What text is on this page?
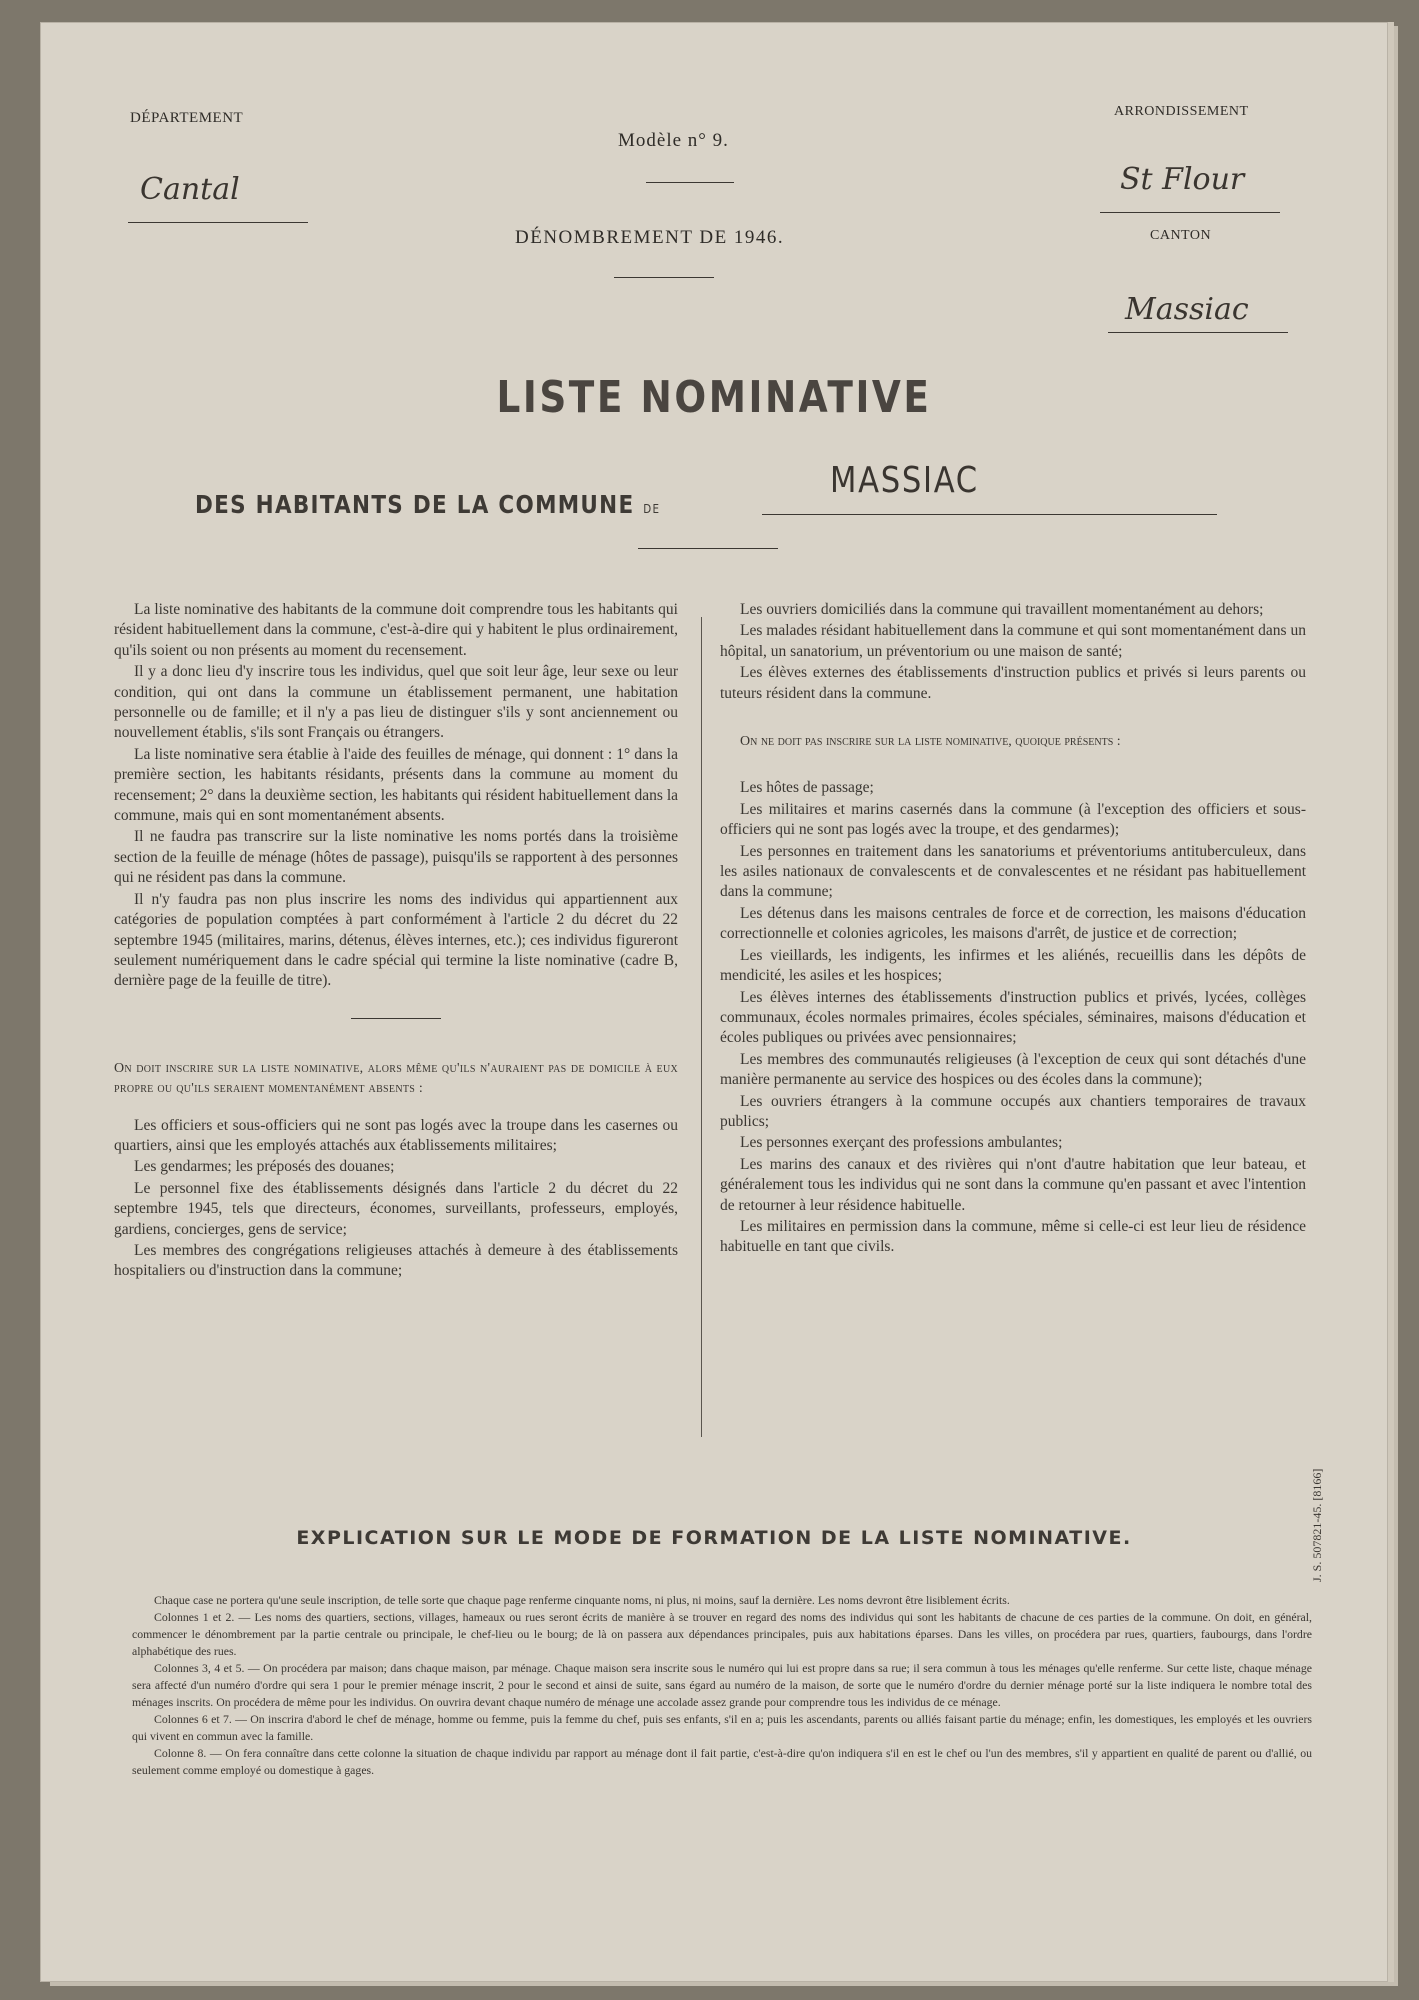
DÉPARTEMENT
Cantal
Modèle n° 9.
ARRONDISSEMENT
St Flour
DÉNOMBREMENT DE 1946.	CANTON
Massiac
LISTE NOMINATIVE
DES HABITANTS DE LA COMMUNE de
MASSIAC

La liste nominative des habitants de la commune doit comprendre tous les habitants qui résident habituellement dans la commune, c'est-à-dire qui y habitent le plus ordinairement, qu'ils soient ou non présents au moment du recensement.

Il y a donc lieu d'y inscrire tous les individus, quel que soit leur âge, leur sexe ou leur condition, qui ont dans la commune un établissement permanent, une habitation personnelle ou de famille; et il n'y a pas lieu de distinguer s'ils y sont anciennement ou nouvellement établis, s'ils sont Français ou étrangers.

La liste nominative sera établie à l'aide des feuilles de ménage, qui donnent : 1° dans la première section, les habitants résidants, présents dans la commune au moment du recensement; 2° dans la deuxième section, les habitants qui résident habituellement dans la commune, mais qui en sont momentanément absents.

Il ne faudra pas transcrire sur la liste nominative les noms portés dans la troisième section de la feuille de ménage (hôtes de passage), puisqu'ils se rapportent à des personnes qui ne résident pas dans la commune.

Il n'y faudra pas non plus inscrire les noms des individus qui appartiennent aux catégories de population comptées à part conformément à l'article 2 du décret du 22 septembre 1945 (militaires, marins, détenus, élèves internes, etc.); ces individus figureront seulement numériquement dans le cadre spécial qui termine la liste nominative (cadre B, dernière page de la feuille de titre).

On doit inscrire sur la liste nominative, alors même qu'ils n'auraient pas de domicile à eux propre ou qu'ils seraient momentanément absents :

Les officiers et sous-officiers qui ne sont pas logés avec la troupe dans les casernes ou quartiers, ainsi que les employés attachés aux établissements militaires;

Les gendarmes; les préposés des douanes;

Le personnel fixe des établissements désignés dans l'article 2 du décret du 22 septembre 1945, tels que directeurs, économes, surveillants, professeurs, employés, gardiens, concierges, gens de service;

Les membres des congrégations religieuses attachés à demeure à des établissements hospitaliers ou d'instruction dans la commune;

Les ouvriers domiciliés dans la commune qui travaillent momentanément au dehors;

Les malades résidant habituellement dans la commune et qui sont momentanément dans un hôpital, un sanatorium, un préventorium ou une maison de santé;

Les élèves externes des établissements d'instruction publics et privés si leurs parents ou tuteurs résident dans la commune.

On ne doit pas inscrire sur la liste nominative, quoique présents :

Les hôtes de passage;

Les militaires et marins casernés dans la commune (à l'exception des officiers et sous-officiers qui ne sont pas logés avec la troupe, et des gendarmes);

Les personnes en traitement dans les sanatoriums et préventoriums antituberculeux, dans les asiles nationaux de convalescents et de convalescentes et ne résidant pas habituellement dans la commune;

Les détenus dans les maisons centrales de force et de correction, les maisons d'éducation correctionnelle et colonies agricoles, les maisons d'arrêt, de justice et de correction;

Les vieillards, les indigents, les infirmes et les aliénés, recueillis dans les dépôts de mendicité, les asiles et les hospices;

Les élèves internes des établissements d'instruction publics et privés, lycées, collèges communaux, écoles normales primaires, écoles spéciales, séminaires, maisons d'éducation et écoles publiques ou privées avec pensionnaires;

Les membres des communautés religieuses (à l'exception de ceux qui sont détachés d'une manière permanente au service des hospices ou des écoles dans la commune);

Les ouvriers étrangers à la commune occupés aux chantiers temporaires de travaux publics;

Les personnes exerçant des professions ambulantes;

Les marins des canaux et des rivières qui n'ont d'autre habitation que leur bateau, et généralement tous les individus qui ne sont dans la commune qu'en passant et avec l'intention de retourner à leur résidence habituelle.

Les militaires en permission dans la commune, même si celle-ci est leur lieu de résidence habituelle en tant que civils.

EXPLICATION SUR LE MODE DE FORMATION DE LA LISTE NOMINATIVE.

Chaque case ne portera qu'une seule inscription, de telle sorte que chaque page renferme cinquante noms, ni plus, ni moins, sauf la dernière. Les noms devront être lisiblement écrits.

Colonnes 1 et 2. — Les noms des quartiers, sections, villages, hameaux ou rues seront écrits de manière à se trouver en regard des noms des individus qui sont les habitants de chacune de ces parties de la commune. On doit, en général, commencer le dénombrement par la partie centrale ou principale, le chef-lieu ou le bourg; de là on passera aux dépendances principales, puis aux habitations éparses. Dans les villes, on procédera par rues, quartiers, faubourgs, dans l'ordre alphabétique des rues.

Colonnes 3, 4 et 5. — On procédera par maison; dans chaque maison, par ménage. Chaque maison sera inscrite sous le numéro qui lui est propre dans sa rue; il sera commun à tous les ménages qu'elle renferme. Sur cette liste, chaque ménage sera affecté d'un numéro d'ordre qui sera 1 pour le premier ménage inscrit, 2 pour le second et ainsi de suite, sans égard au numéro de la maison, de sorte que le numéro d'ordre du dernier ménage porté sur la liste indiquera le nombre total des ménages inscrits. On procédera de même pour les individus. On ouvrira devant chaque numéro de ménage une accolade assez grande pour comprendre tous les individus de ce ménage.

Colonnes 6 et 7. — On inscrira d'abord le chef de ménage, homme ou femme, puis la femme du chef, puis ses enfants, s'il en a; puis les ascendants, parents ou alliés faisant partie du ménage; enfin, les domestiques, les employés et les ouvriers qui vivent en commun avec la famille.

Colonne 8. — On fera connaître dans cette colonne la situation de chaque individu par rapport au ménage dont il fait partie, c'est-à-dire qu'on indiquera s'il en est le chef ou l'un des membres, s'il y appartient en qualité de parent ou d'allié, ou seulement comme employé ou domestique à gages.

J. S. 507821-45. [8166]
